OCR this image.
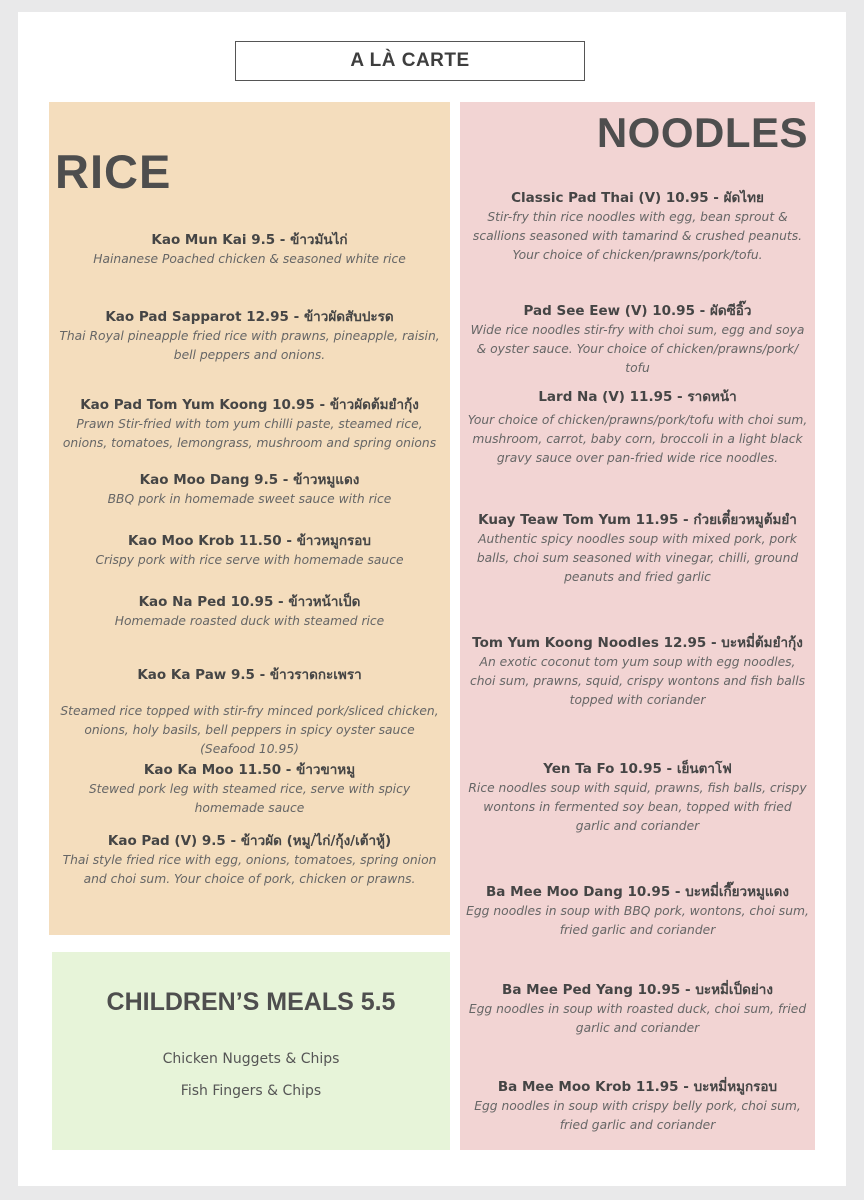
A LÀ CARTE
RICE
Kao Mun Kai 9.5 - ข้าวมันไก่
Hainanese Poached chicken & seasoned white rice
Kao Pad Sapparot 12.95 - ข้าวผัดสับปะรด
Thai Royal pineapple fried rice with prawns, pineapple, raisin, bell peppers and onions.
Kao Pad Tom Yum Koong 10.95 - ข้าวผัดต้มยำกุ้ง
Prawn Stir-fried with tom yum chilli paste, steamed rice, onions, tomatoes, lemongrass, mushroom and spring onions
Kao Moo Dang 9.5 - ข้าวหมูแดง
BBQ pork in homemade sweet sauce with rice
Kao Moo Krob 11.50 - ข้าวหมูกรอบ
Crispy pork with rice serve with homemade sauce
Kao Na Ped 10.95 - ข้าวหน้าเป็ด
Homemade roasted duck with steamed rice
Kao Ka Paw 9.5 - ข้าวราดกะเพรา
Steamed rice topped with stir-fry minced pork/sliced chicken, onions, holy basils, bell peppers in spicy oyster sauce (Seafood 10.95)
Kao Ka Moo 11.50 - ข้าวขาหมู
Stewed pork leg with steamed rice, serve with spicy homemade sauce
Kao Pad (V) 9.5 - ข้าวผัด (หมู/ไก่/กุ้ง/เต้าหู้)
Thai style fried rice with egg, onions, tomatoes, spring onion and choi sum. Your choice of pork, chicken or prawns.
NOODLES
Classic Pad Thai (V) 10.95 - ผัดไทย
Stir-fry thin rice noodles with egg, bean sprout & scallions seasoned with tamarind & crushed peanuts. Your choice of chicken/prawns/pork/tofu.
Pad See Eew (V) 10.95 - ผัดซีอิ๊ว
Wide rice noodles stir-fry with choi sum, egg and soya & oyster sauce. Your choice of chicken/prawns/pork/ tofu
Lard Na (V) 11.95 - ราดหน้า
Your choice of chicken/prawns/pork/tofu with choi sum, mushroom, carrot, baby corn, broccoli in a light black gravy sauce over pan-fried wide rice noodles.
Kuay Teaw Tom Yum 11.95 - ก๋วยเตี๋ยวหมูต้มยำ
Authentic spicy noodles soup with mixed pork, pork balls, choi sum seasoned with vinegar, chilli, ground peanuts and fried garlic
Tom Yum Koong Noodles 12.95 - บะหมี่ต้มยำกุ้ง
An exotic coconut tom yum soup with egg noodles, choi sum, prawns, squid, crispy wontons and fish balls topped with coriander
Yen Ta Fo 10.95 - เย็นตาโฟ
Rice noodles soup with squid, prawns, fish balls, crispy wontons in fermented soy bean, topped with fried garlic and coriander
Ba Mee Moo Dang 10.95 - บะหมี่เกี๊ยวหมูแดง
Egg noodles in soup with BBQ pork, wontons, choi sum, fried garlic and coriander
Ba Mee Ped Yang 10.95 - บะหมี่เป็ดย่าง
Egg noodles in soup with roasted duck, choi sum, fried garlic and coriander
Ba Mee Moo Krob 11.95 - บะหมี่หมูกรอบ
Egg noodles in soup with crispy belly pork, choi sum, fried garlic and coriander
CHILDREN’S MEALS 5.5
Chicken Nuggets & Chips
Fish Fingers & Chips
